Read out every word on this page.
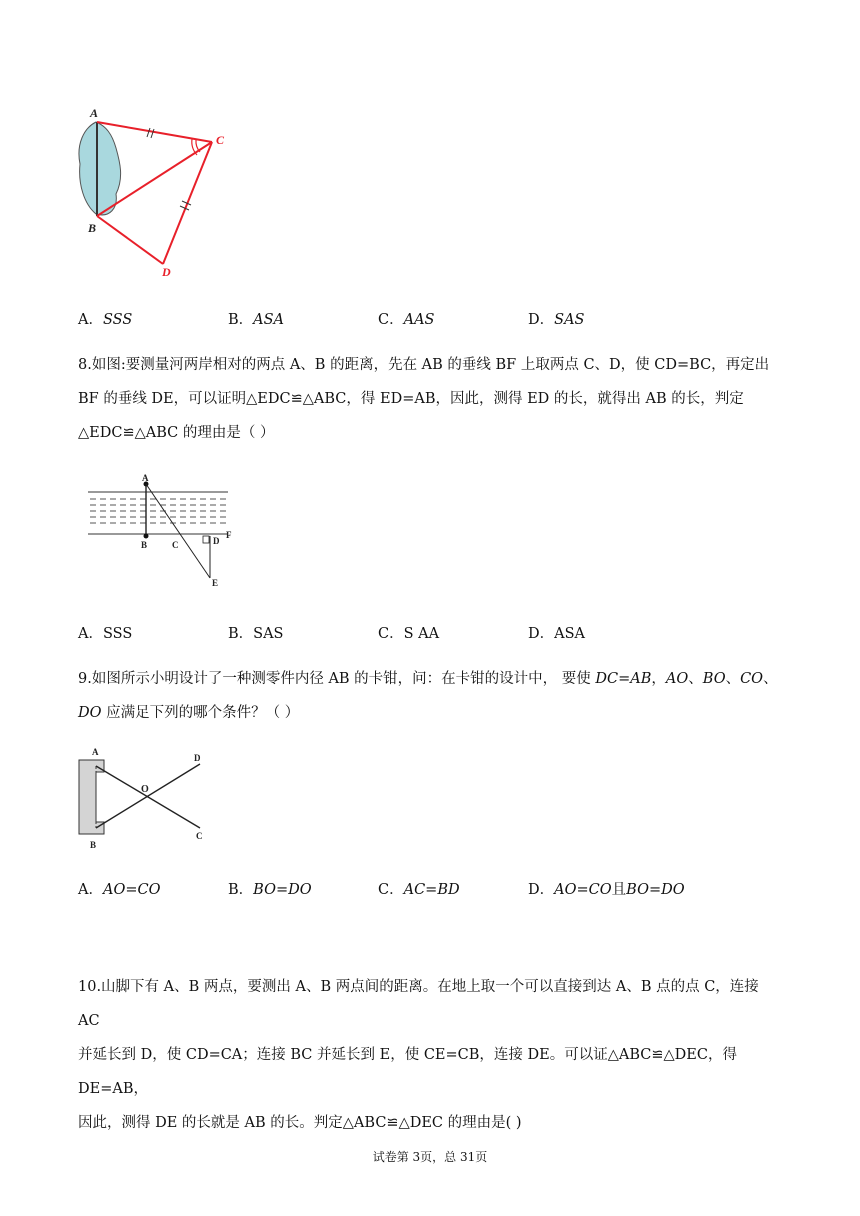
A
B
C
D
A．SSS	B．ASA	C．AAS	D．SAS
8.如图:要测量河两岸相对的两点 A、B 的距离，先在 AB 的垂线 BF 上取两点 C、D，使 CD=BC，再定出
BF 的垂线 DE，可以证明△EDC≌△ABC，得 ED=AB，因此，测得 ED 的长，就得出 AB 的长，判定
△EDC≌△ABC 的理由是（ ）
A
B	C	D
E
F
A．SSS	B．SAS	C．S AA	D．ASA
9.如图所示小明设计了一种测零件内径 AB 的卡钳，问：在卡钳的设计中， 要使 DC=AB，AO、BO、CO、
DO 应满足下列的哪个条件？（ ）
A
B
O
D
C
A．AO=CO	B．BO=DO	C．AC=BD	D．AO=CO且BO=DO
10.山脚下有 A、B 两点，要测出 A、B 两点间的距离。在地上取一个可以直接到达 A、B 点的点 C，连接 AC
并延长到 D，使 CD=CA；连接 BC 并延长到 E，使 CE=CB，连接 DE。可以证△ABC≌△DEC，得 DE=AB，
因此，测得 DE 的长就是 AB 的长。判定△ABC≌△DEC 的理由是( )
试卷第 3页，总 31页
